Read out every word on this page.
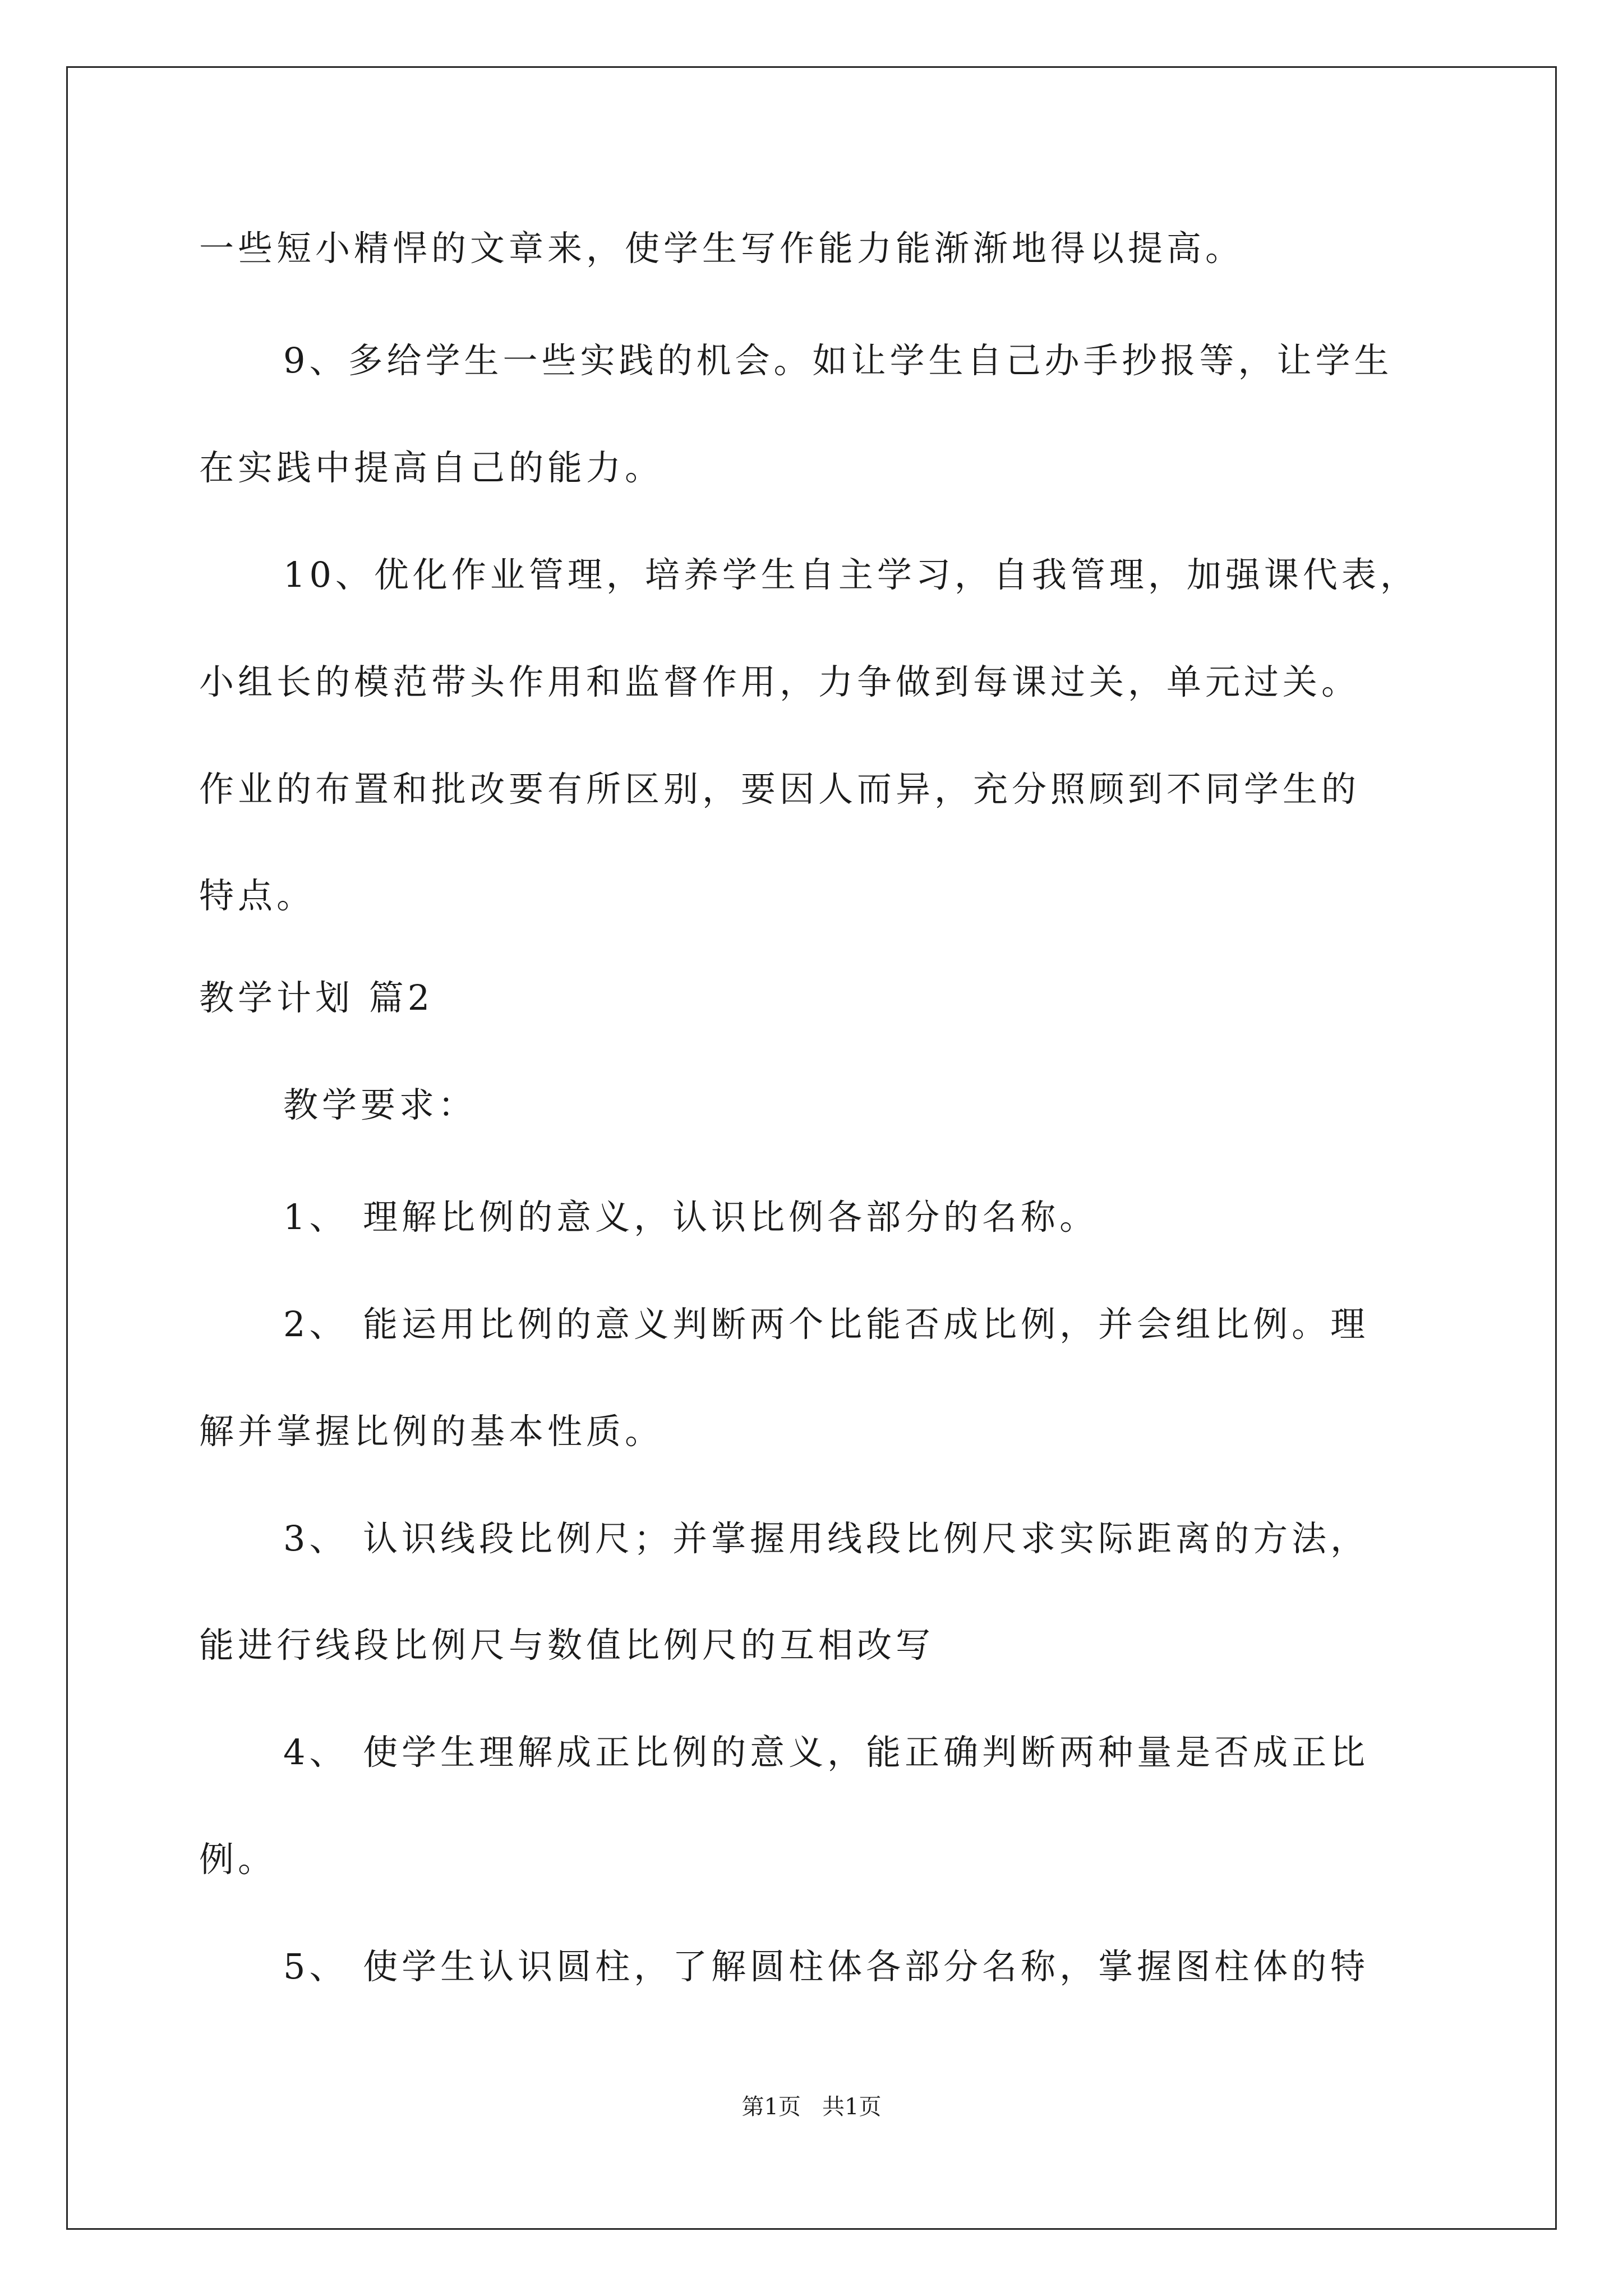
一些短小精悍的文章来，使学生写作能力能渐渐地得以提高。
9、多给学生一些实践的机会。如让学生自己办手抄报等，让学生
在实践中提高自己的能力。
10、优化作业管理，培养学生自主学习，自我管理，加强课代表，
小组长的模范带头作用和监督作用，力争做到每课过关，单元过关。
作业的布置和批改要有所区别，要因人而异，充分照顾到不同学生的
特点。
教学计划 篇2
教学要求：
1、 理解比例的意义，认识比例各部分的名称。
2、 能运用比例的意义判断两个比能否成比例，并会组比例。理
解并掌握比例的基本性质。
3、 认识线段比例尺；并掌握用线段比例尺求实际距离的方法，
能进行线段比例尺与数值比例尺的互相改写
4、 使学生理解成正比例的意义，能正确判断两种量是否成正比
例。
5、 使学生认识圆柱，了解圆柱体各部分名称，掌握图柱体的特
第1页   共1页
